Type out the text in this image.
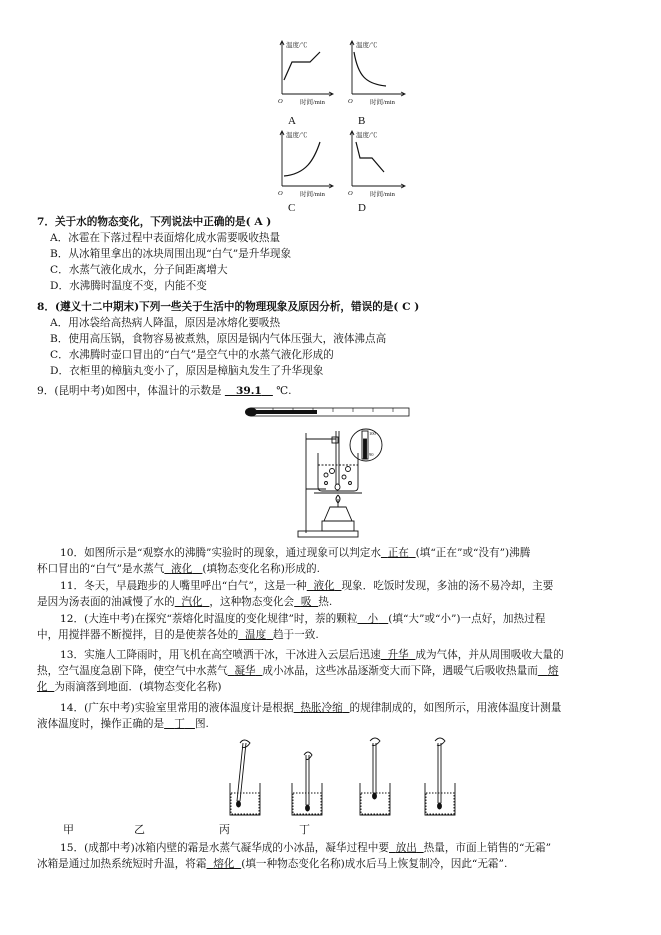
温度/℃	温度/℃
温度/℃	温度/℃
时间/min	时间/min
时间/min	时间/min
O	O
O	O
A	B
C	D
7．关于水的物态变化，下列说法中正确的是( A )
A．冰雹在下落过程中表面熔化成水需要吸收热量
B．从冰箱里拿出的冰块周围出现“白气”是升华现象
C．水蒸气液化成水，分子间距离增大
D．水沸腾时温度不变，内能不变
8．(遵义十二中期末)下列一些关于生活中的物理现象及原因分析，错误的是( C )
A．用冰袋给高热病人降温，原因是冰熔化要吸热
B．使用高压锅，食物容易被煮熟，原因是锅内气体压强大，液体沸点高
C．水沸腾时壶口冒出的“白气”是空气中的水蒸气液化形成的
D．衣柜里的樟脑丸变小了，原因是樟脑丸发生了升华现象
9．(昆明中考)如图中，体温计的示数是 39.1 ℃.
100
90
10．如图所示是“观察水的沸腾”实验时的现象，通过现象可以判定水 正在 (填“正在”或“没有”)沸腾
杯口冒出的“白气”是水蒸气 液化 (填物态变化名称)形成的.
11．冬天，早晨跑步的人嘴里呼出“白气”，这是一种 液化 现象．吃饭时发现，多油的汤不易冷却，主要
是因为汤表面的油减慢了水的 汽化 ，这种物态变化会 吸 热.
12．(大连中考)在探究“萘熔化时温度的变化规律”时，萘的颗粒 小 (填“大”或“小”)一点好，加热过程
中，用搅拌器不断搅拌，目的是使萘各处的 温度 趋于一致.
13．实施人工降雨时，用飞机在高空喷洒干冰，干冰进入云层后迅速 升华 成为气体，并从周围吸收大量的
热，空气温度急剧下降，使空气中水蒸气 凝华 成小冰晶，这些冰晶逐渐变大而下降，遇暖气后吸收热量而 熔
化 为雨滴落到地面．(填物态变化名称)
14．(广东中考)实验室里常用的液体温度计是根据 热胀冷缩 的规律制成的，如图所示，用液体温度计测量
液体温度时，操作正确的是 丁 图.
甲	乙	丙	丁
15．(成都中考)冰箱内壁的霜是水蒸气凝华成的小冰晶，凝华过程中要 放出 热量，市面上销售的“无霜”
冰箱是通过加热系统短时升温，将霜 熔化 (填一种物态变化名称)成水后马上恢复制冷，因此“无霜”.
